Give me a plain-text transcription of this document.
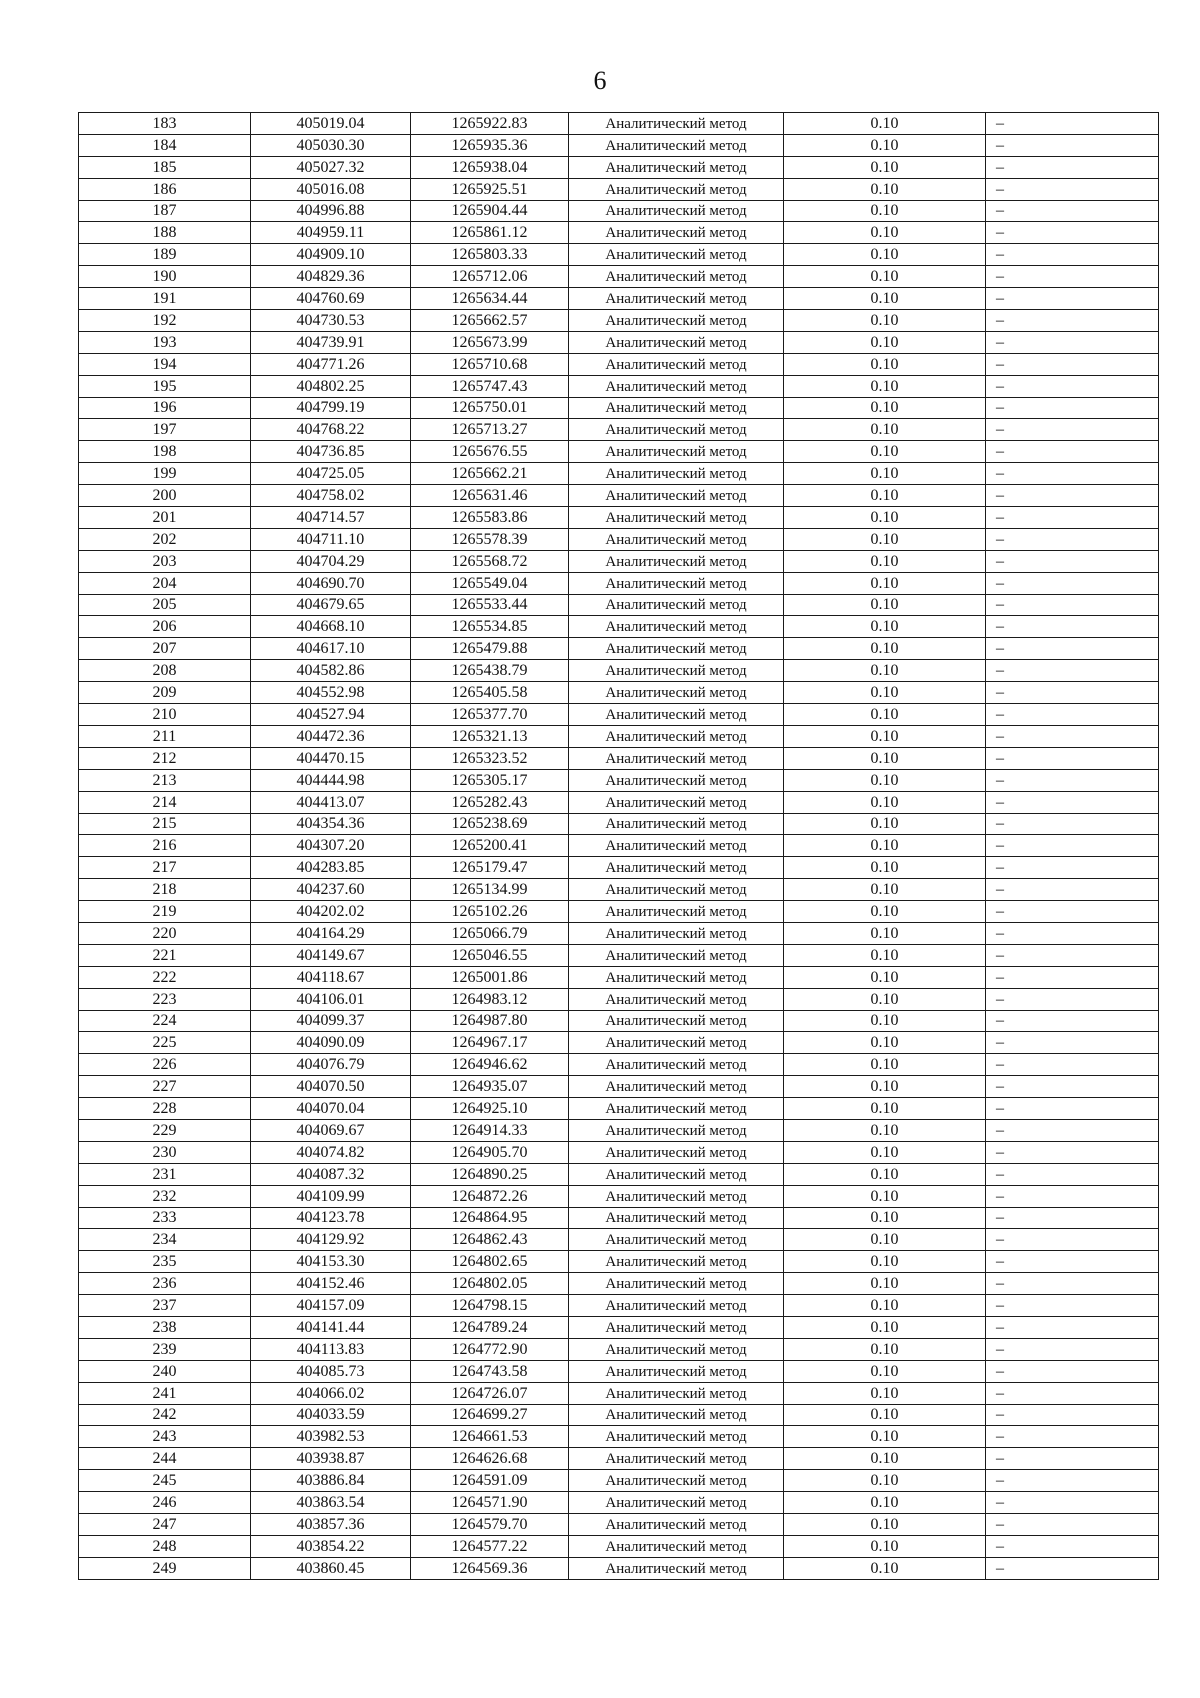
6
183	405019.04	1265922.83	Аналитический метод	0.10	–
184	405030.30	1265935.36	Аналитический метод	0.10	–
185	405027.32	1265938.04	Аналитический метод	0.10	–
186	405016.08	1265925.51	Аналитический метод	0.10	–
187	404996.88	1265904.44	Аналитический метод	0.10	–
188	404959.11	1265861.12	Аналитический метод	0.10	–
189	404909.10	1265803.33	Аналитический метод	0.10	–
190	404829.36	1265712.06	Аналитический метод	0.10	–
191	404760.69	1265634.44	Аналитический метод	0.10	–
192	404730.53	1265662.57	Аналитический метод	0.10	–
193	404739.91	1265673.99	Аналитический метод	0.10	–
194	404771.26	1265710.68	Аналитический метод	0.10	–
195	404802.25	1265747.43	Аналитический метод	0.10	–
196	404799.19	1265750.01	Аналитический метод	0.10	–
197	404768.22	1265713.27	Аналитический метод	0.10	–
198	404736.85	1265676.55	Аналитический метод	0.10	–
199	404725.05	1265662.21	Аналитический метод	0.10	–
200	404758.02	1265631.46	Аналитический метод	0.10	–
201	404714.57	1265583.86	Аналитический метод	0.10	–
202	404711.10	1265578.39	Аналитический метод	0.10	–
203	404704.29	1265568.72	Аналитический метод	0.10	–
204	404690.70	1265549.04	Аналитический метод	0.10	–
205	404679.65	1265533.44	Аналитический метод	0.10	–
206	404668.10	1265534.85	Аналитический метод	0.10	–
207	404617.10	1265479.88	Аналитический метод	0.10	–
208	404582.86	1265438.79	Аналитический метод	0.10	–
209	404552.98	1265405.58	Аналитический метод	0.10	–
210	404527.94	1265377.70	Аналитический метод	0.10	–
211	404472.36	1265321.13	Аналитический метод	0.10	–
212	404470.15	1265323.52	Аналитический метод	0.10	–
213	404444.98	1265305.17	Аналитический метод	0.10	–
214	404413.07	1265282.43	Аналитический метод	0.10	–
215	404354.36	1265238.69	Аналитический метод	0.10	–
216	404307.20	1265200.41	Аналитический метод	0.10	–
217	404283.85	1265179.47	Аналитический метод	0.10	–
218	404237.60	1265134.99	Аналитический метод	0.10	–
219	404202.02	1265102.26	Аналитический метод	0.10	–
220	404164.29	1265066.79	Аналитический метод	0.10	–
221	404149.67	1265046.55	Аналитический метод	0.10	–
222	404118.67	1265001.86	Аналитический метод	0.10	–
223	404106.01	1264983.12	Аналитический метод	0.10	–
224	404099.37	1264987.80	Аналитический метод	0.10	–
225	404090.09	1264967.17	Аналитический метод	0.10	–
226	404076.79	1264946.62	Аналитический метод	0.10	–
227	404070.50	1264935.07	Аналитический метод	0.10	–
228	404070.04	1264925.10	Аналитический метод	0.10	–
229	404069.67	1264914.33	Аналитический метод	0.10	–
230	404074.82	1264905.70	Аналитический метод	0.10	–
231	404087.32	1264890.25	Аналитический метод	0.10	–
232	404109.99	1264872.26	Аналитический метод	0.10	–
233	404123.78	1264864.95	Аналитический метод	0.10	–
234	404129.92	1264862.43	Аналитический метод	0.10	–
235	404153.30	1264802.65	Аналитический метод	0.10	–
236	404152.46	1264802.05	Аналитический метод	0.10	–
237	404157.09	1264798.15	Аналитический метод	0.10	–
238	404141.44	1264789.24	Аналитический метод	0.10	–
239	404113.83	1264772.90	Аналитический метод	0.10	–
240	404085.73	1264743.58	Аналитический метод	0.10	–
241	404066.02	1264726.07	Аналитический метод	0.10	–
242	404033.59	1264699.27	Аналитический метод	0.10	–
243	403982.53	1264661.53	Аналитический метод	0.10	–
244	403938.87	1264626.68	Аналитический метод	0.10	–
245	403886.84	1264591.09	Аналитический метод	0.10	–
246	403863.54	1264571.90	Аналитический метод	0.10	–
247	403857.36	1264579.70	Аналитический метод	0.10	–
248	403854.22	1264577.22	Аналитический метод	0.10	–
249	403860.45	1264569.36	Аналитический метод	0.10	–
